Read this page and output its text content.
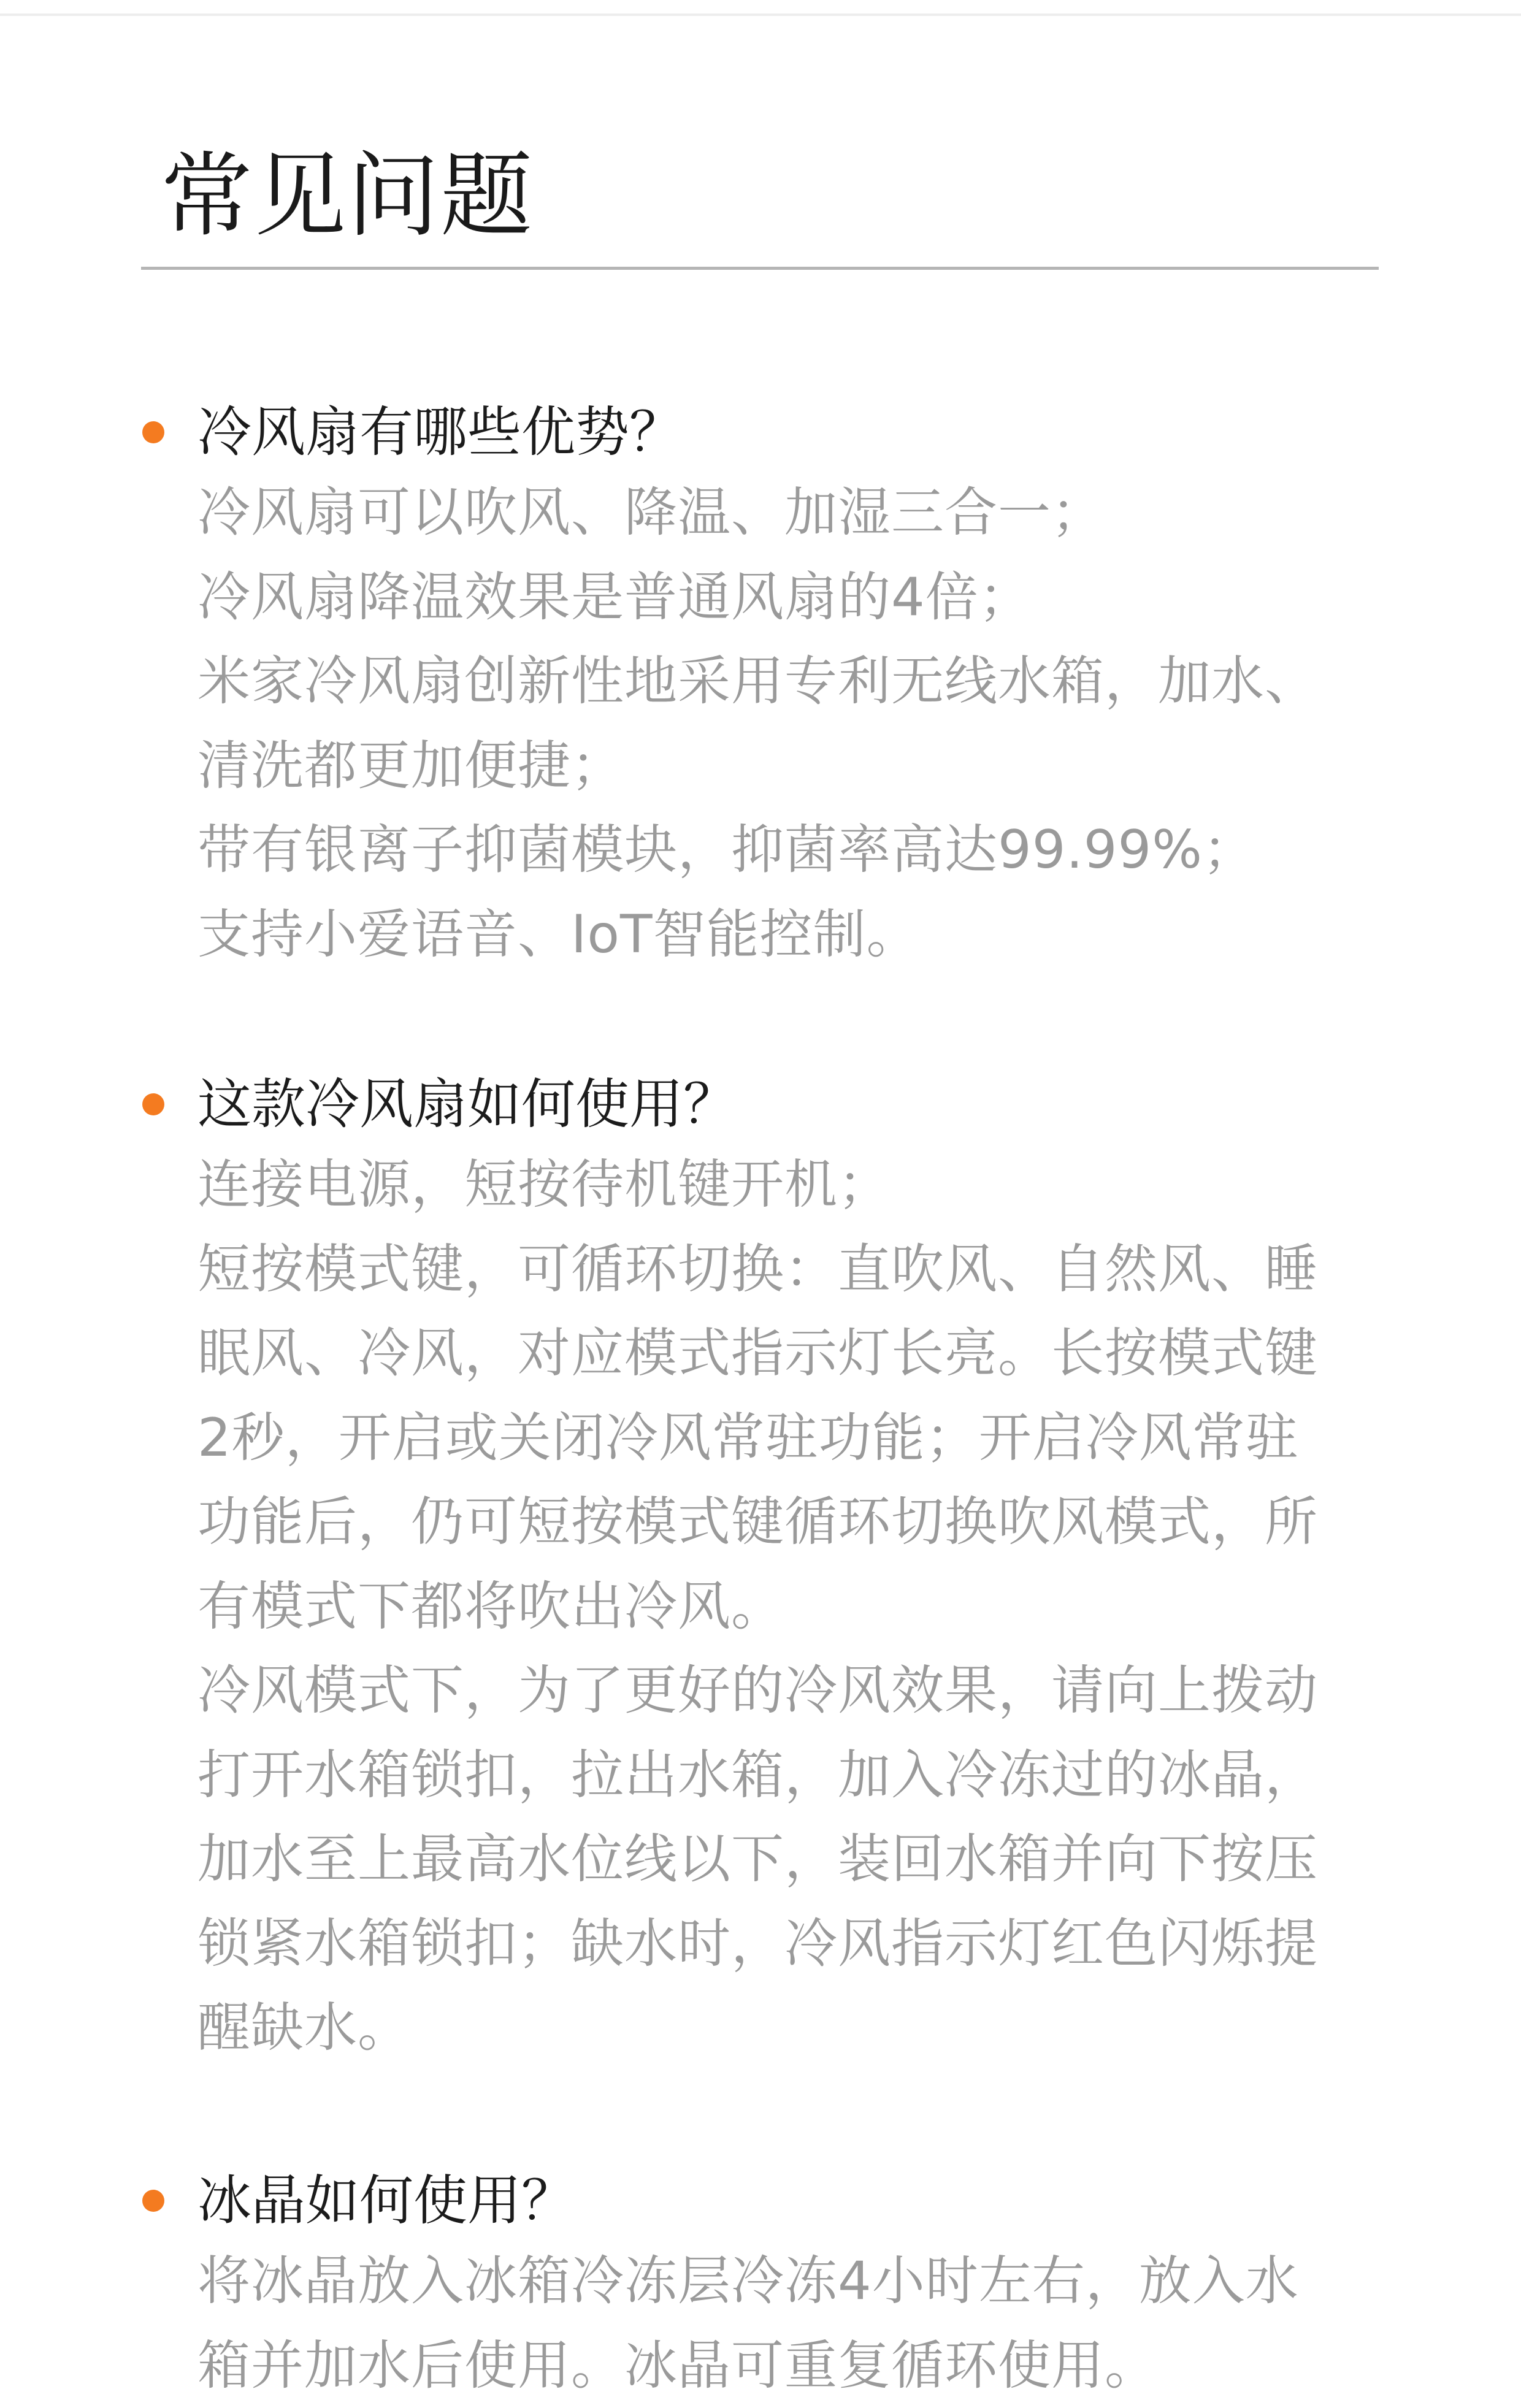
常见问题
冷风扇有哪些优势？
冷风扇可以吹风、降温、加湿三合一；
冷风扇降温效果是普通风扇的4倍；
米家冷风扇创新性地采用专利无线水箱，加水、
清洗都更加便捷；
带有银离子抑菌模块，抑菌率高达99.99%；
支持小爱语音、IoT智能控制。
这款冷风扇如何使用？
连接电源，短按待机键开机；
短按模式键，可循环切换：直吹风、自然风、睡
眠风、冷风，对应模式指示灯长亮。长按模式键
2秒，开启或关闭冷风常驻功能；开启冷风常驻
功能后，仍可短按模式键循环切换吹风模式，所
有模式下都将吹出冷风。
冷风模式下，为了更好的冷风效果，请向上拨动
打开水箱锁扣，拉出水箱，加入冷冻过的冰晶，
加水至上最高水位线以下，装回水箱并向下按压
锁紧水箱锁扣；缺水时，冷风指示灯红色闪烁提
醒缺水。
冰晶如何使用？
将冰晶放入冰箱冷冻层冷冻4小时左右，放入水
箱并加水后使用。冰晶可重复循环使用。
